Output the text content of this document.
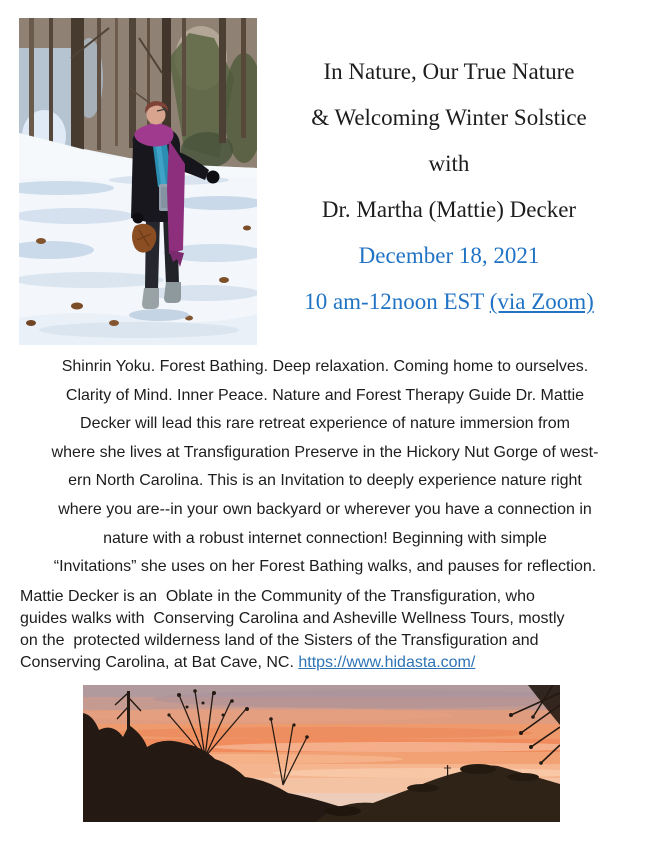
In Nature, Our True Nature
& Welcoming Winter Solstice
with
Dr. Martha (Mattie) Decker
December 18, 2021
10 am-12noon EST (via Zoom)
Shinrin Yoku. Forest Bathing. Deep relaxation. Coming home to ourselves.
Clarity of Mind. Inner Peace. Nature and Forest Therapy Guide Dr. Mattie
Decker will lead this rare retreat experience of nature immersion from
where she lives at Transfiguration Preserve in the Hickory Nut Gorge of west-
ern North Carolina. This is an Invitation to deeply experience nature right
where you are--in your own backyard or wherever you have a connection in
nature with a robust internet connection! Beginning with simple
“Invitations” she uses on her Forest Bathing walks, and pauses for reflection.
Mattie Decker is an  Oblate in the Community of the Transfiguration, who
guides walks with  Conserving Carolina and Asheville Wellness Tours, mostly
on the  protected wilderness land of the Sisters of the Transfiguration and
Conserving Carolina, at Bat Cave, NC. https://www.hidasta.com/
